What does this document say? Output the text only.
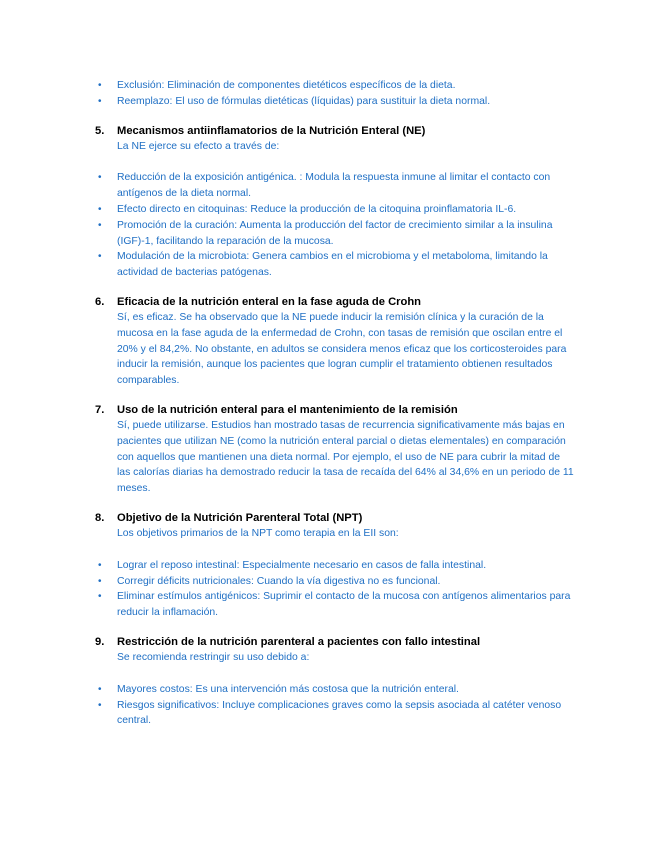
• Exclusión: Eliminación de componentes dietéticos específicos de la dieta.
• Reemplazo: El uso de fórmulas dietéticas (líquidas) para sustituir la dieta normal.
5.	Mecanismos antiinflamatorios de la Nutrición Enteral (NE)
La NE ejerce su efecto a través de:
• Reducción de la exposición antigénica. : Modula la respuesta inmune al limitar el contacto con antígenos de la dieta normal.
• Efecto directo en citoquinas: Reduce la producción de la citoquina proinflamatoria IL-6.
• Promoción de la curación: Aumenta la producción del factor de crecimiento similar a la insulina (IGF)-1, facilitando la reparación de la mucosa.
• Modulación de la microbiota: Genera cambios en el microbioma y el metaboloma, limitando la actividad de bacterias patógenas.
6.	Eficacia de la nutrición enteral en la fase aguda de Crohn
Sí, es eficaz. Se ha observado que la NE puede inducir la remisión clínica y la curación de la mucosa en la fase aguda de la enfermedad de Crohn, con tasas de remisión que oscilan entre el 20% y el 84,2%. No obstante, en adultos se considera menos eficaz que los corticosteroides para inducir la remisión, aunque los pacientes que logran cumplir el tratamiento obtienen resultados comparables.
7.	Uso de la nutrición enteral para el mantenimiento de la remisión
Sí, puede utilizarse. Estudios han mostrado tasas de recurrencia significativamente más bajas en pacientes que utilizan NE (como la nutrición enteral parcial o dietas elementales) en comparación con aquellos que mantienen una dieta normal. Por ejemplo, el uso de NE para cubrir la mitad de las calorías diarias ha demostrado reducir la tasa de recaída del 64% al 34,6% en un periodo de 11 meses.
8.	Objetivo de la Nutrición Parenteral Total (NPT)
Los objetivos primarios de la NPT como terapia en la EII son:
• Lograr el reposo intestinal: Especialmente necesario en casos de falla intestinal.
• Corregir déficits nutricionales: Cuando la vía digestiva no es funcional.
• Eliminar estímulos antigénicos: Suprimir el contacto de la mucosa con antígenos alimentarios para reducir la inflamación.
9.	Restricción de la nutrición parenteral a pacientes con fallo intestinal
Se recomienda restringir su uso debido a:
• Mayores costos: Es una intervención más costosa que la nutrición enteral.
• Riesgos significativos: Incluye complicaciones graves como la sepsis asociada al catéter venoso central.
